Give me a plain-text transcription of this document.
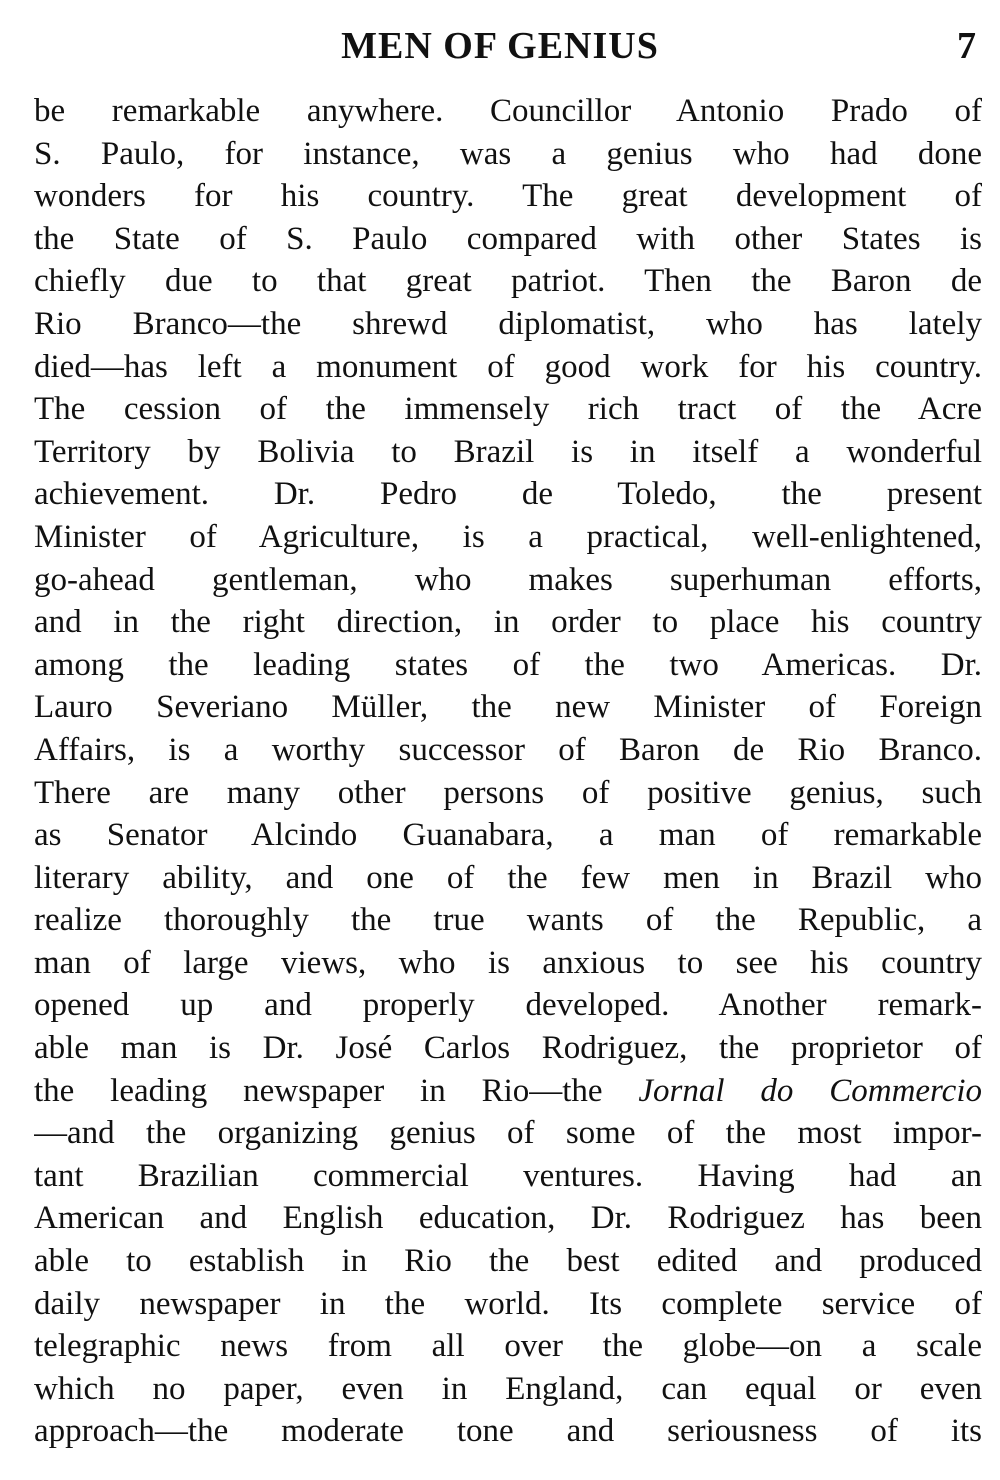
MEN OF GENIUS	7
be remarkable anywhere. Councillor Antonio Prado of
S. Paulo, for instance, was a genius who had done
wonders for his country. The great development of
the State of S. Paulo compared with other States is
chiefly due to that great patriot. Then the Baron de
Rio Branco—the shrewd diplomatist, who has lately
died—has left a monument of good work for his country.
The cession of the immensely rich tract of the Acre
Territory by Bolivia to Brazil is in itself a wonderful
achievement. Dr. Pedro de Toledo, the present
Minister of Agriculture, is a practical, well-enlightened,
go-ahead gentleman, who makes superhuman efforts,
and in the right direction, in order to place his country
among the leading states of the two Americas. Dr.
Lauro Severiano Müller, the new Minister of Foreign
Affairs, is a worthy successor of Baron de Rio Branco.
There are many other persons of positive genius, such
as Senator Alcindo Guanabara, a man of remarkable
literary ability, and one of the few men in Brazil who
realize thoroughly the true wants of the Republic, a
man of large views, who is anxious to see his country
opened up and properly developed. Another remark-
able man is Dr. José Carlos Rodriguez, the proprietor of
the leading newspaper in Rio—the Jornal do Commercio
—and the organizing genius of some of the most impor-
tant Brazilian commercial ventures. Having had an
American and English education, Dr. Rodriguez has been
able to establish in Rio the best edited and produced
daily newspaper in the world. Its complete service of
telegraphic news from all over the globe—on a scale
which no paper, even in England, can equal or even
approach—the moderate tone and seriousness of its
